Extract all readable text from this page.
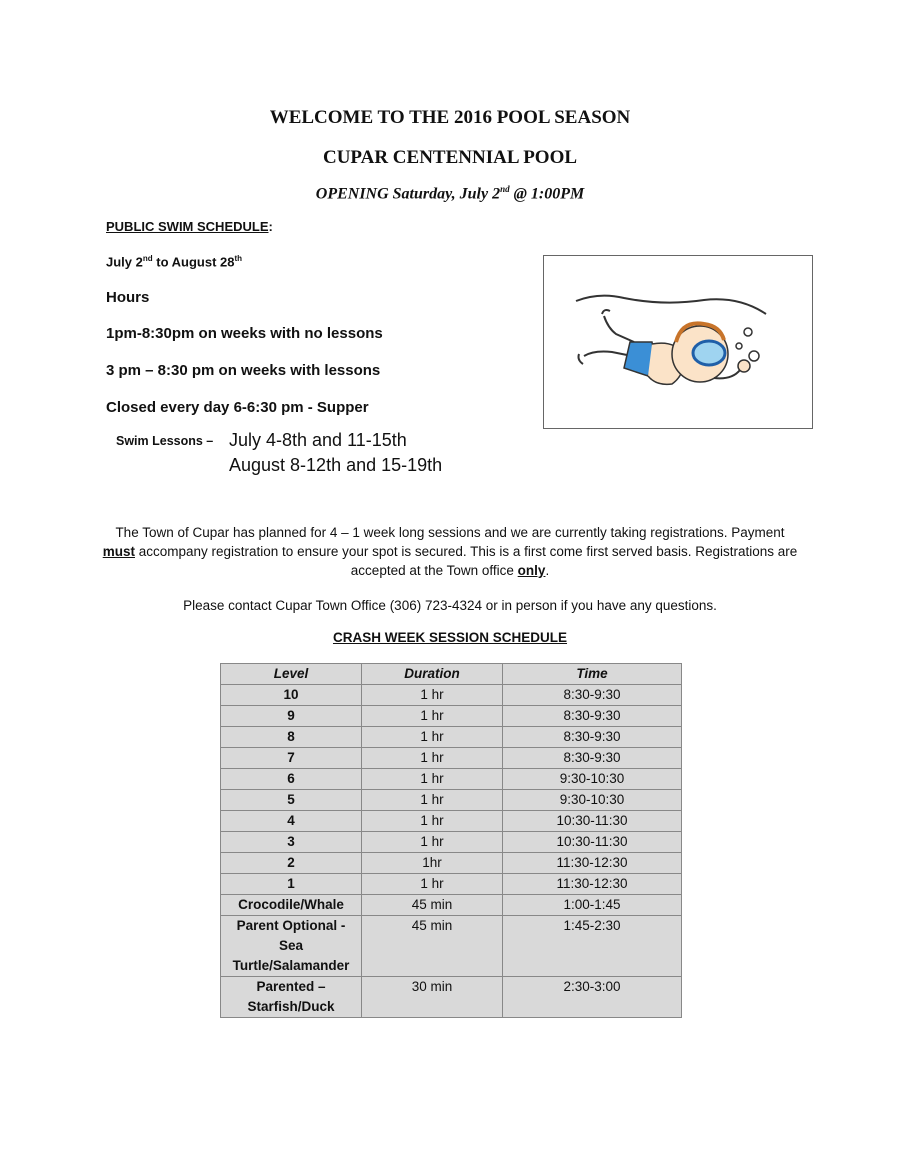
WELCOME TO THE 2016 POOL SEASON
CUPAR CENTENNIAL POOL
OPENING Saturday, July 2nd @ 1:00PM
PUBLIC SWIM SCHEDULE:
July 2nd to August 28th
Hours
1pm-8:30pm on weeks with no lessons
3 pm – 8:30 pm on weeks with lessons
Closed every day 6-6:30 pm - Supper
Swim Lessons – July 4-8th and 11-15th
August 8-12th and 15-19th
The Town of Cupar has planned for 4 – 1 week long sessions and we are currently taking registrations. Payment must accompany registration to ensure your spot is secured. This is a first come first served basis. Registrations are accepted at the Town office only.
Please contact Cupar Town Office (306) 723-4324 or in person if you have any questions.
CRASH WEEK SESSION SCHEDULE
Level	Duration	Time
10	1 hr	8:30-9:30
9	1 hr	8:30-9:30
8	1 hr	8:30-9:30
7	1 hr	8:30-9:30
6	1 hr	9:30-10:30
5	1 hr	9:30-10:30
4	1 hr	10:30-11:30
3	1 hr	10:30-11:30
2	1hr	11:30-12:30
1	1 hr	11:30-12:30
Crocodile/Whale	45 min	1:00-1:45
Parent Optional - Sea Turtle/Salamander	45 min	1:45-2:30
Parented – Starfish/Duck	30 min	2:30-3:00
